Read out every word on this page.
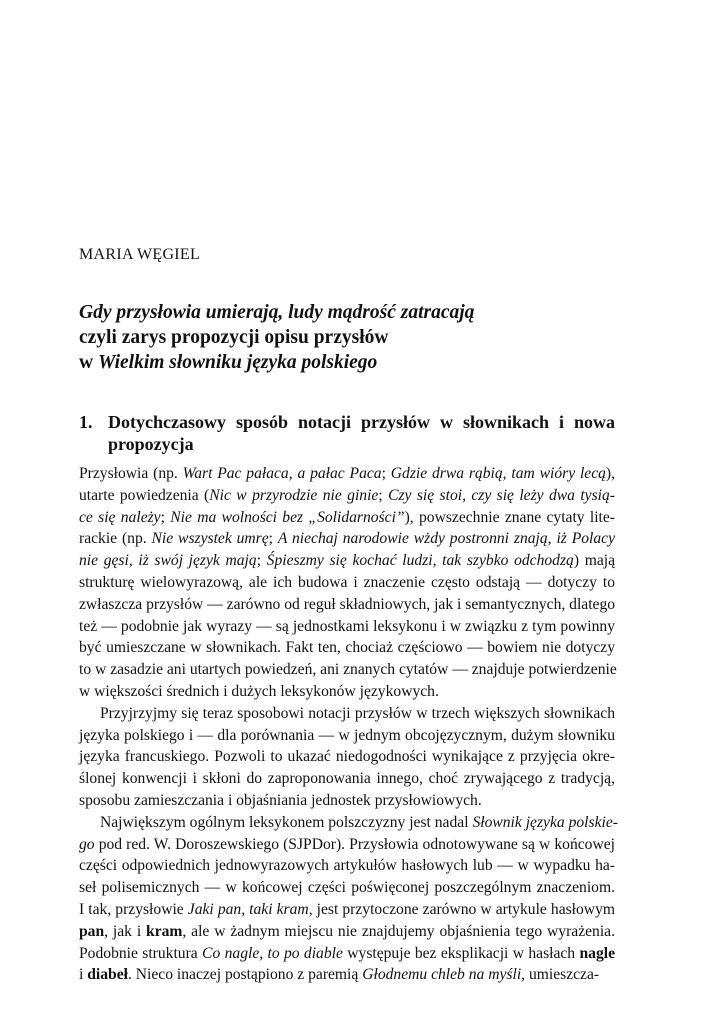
MARIA WĘGIEL
Gdy przysłowia umierają, ludy mądrość zatracają
czyli zarys propozycji opisu przysłów
w Wielkim słowniku języka polskiego
1. Dotychczasowy sposób notacji przysłów w słownikach i nowa propozycja
Przysłowia (np. Wart Pac pałaca, a pałac Paca; Gdzie drwa rąbią, tam wióry lecą),
utarte powiedzenia (Nic w przyrodzie nie ginie; Czy się stoi, czy się leży dwa tysią-
ce się należy; Nie ma wolności bez „Solidarności”), powszechnie znane cytaty lite-
rackie (np. Nie wszystek umrę; A niechaj narodowie wżdy postronni znają, iż Polacy
nie gęsi, iż swój język mają; Śpieszmy się kochać ludzi, tak szybko odchodzą) mają
strukturę wielowyrazową, ale ich budowa i znaczenie często odstają — dotyczy to
zwłaszcza przysłów — zarówno od reguł składniowych, jak i semantycznych, dlatego
też — podobnie jak wyrazy — są jednostkami leksykonu i w związku z tym powinny
być umieszczane w słownikach. Fakt ten, chociaż częściowo — bowiem nie dotyczy
to w zasadzie ani utartych powiedzeń, ani znanych cytatów — znajduje potwierdzenie
w większości średnich i dużych leksykonów językowych.
Przyjrzyjmy się teraz sposobowi notacji przysłów w trzech większych słownikach
języka polskiego i — dla porównania — w jednym obcojęzycznym, dużym słowniku
języka francuskiego. Pozwoli to ukazać niedogodności wynikające z przyjęcia okre-
ślonej konwencji i skłoni do zaproponowania innego, choć zrywającego z tradycją,
sposobu zamieszczania i objaśniania jednostek przysłowiowych.
Największym ogólnym leksykonem polszczyzny jest nadal Słownik języka polskie-
go pod red. W. Doroszewskiego (SJPDor). Przysłowia odnotowywane są w końcowej
części odpowiednich jednowyrazowych artykułów hasłowych lub — w wypadku ha-
seł polisemicznych — w końcowej części poświęconej poszczególnym znaczeniom.
I tak, przysłowie Jaki pan, taki kram, jest przytoczone zarówno w artykule hasłowym
pan, jak i kram, ale w żadnym miejscu nie znajdujemy objaśnienia tego wyrażenia.
Podobnie struktura Co nagle, to po diable występuje bez eksplikacji w hasłach nagle
i diabeł. Nieco inaczej postąpiono z paremią Głodnemu chleb na myśli, umieszcza-
